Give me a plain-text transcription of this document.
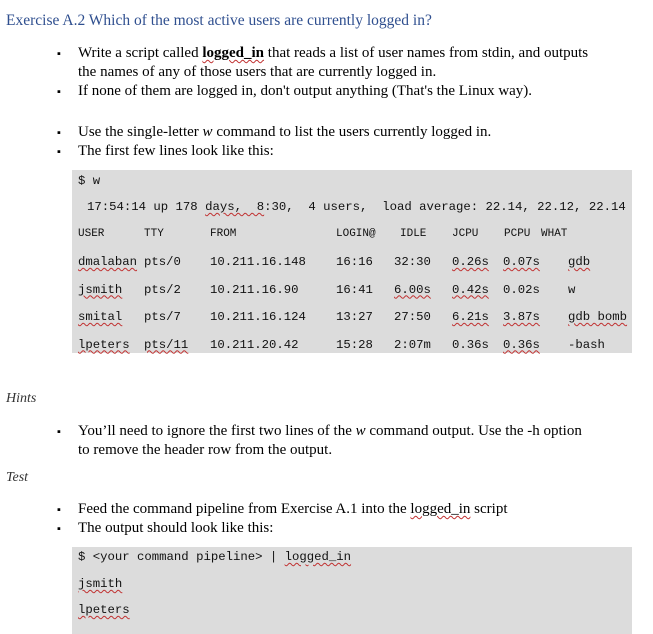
Exercise A.2 Which of the most active users are currently logged in?
▪ Write a script called logged_in that reads a list of user names from stdin, and outputs
the names of any of those users that are currently logged in.
▪ If none of them are logged in, don't output anything (That's the Linux way).
▪ Use the single-letter w command to list the users currently logged in.
▪ The first few lines look like this:
$ w
17:54:14 up 178 days,  8:30,  4 users,  load average: 22.14, 22.12, 22.14
USER	TTY	FROM	LOGIN@ IDLE JCPU PCPU WHAT
dmalaban pts/0 10.211.16.148 16:16 32:30 0.26s 0.07s gdb
jsmith pts/2 10.211.16.90	16:41 6.00s 0.42s 0.02s w
smital pts/7 10.211.16.124 13:27 27:50 6.21s 3.87s gdb bomb
lpeters pts/11 10.211.20.42	15:28 2:07m 0.36s 0.36s -bash
Hints
▪ You’ll need to ignore the first two lines of the w command output. Use the -h option
to remove the header row from the output.
Test
▪ Feed the command pipeline from Exercise A.1 into the logged_in script
▪ The output should look like this:
$ <your command pipeline> | logged_in
jsmith
lpeters
